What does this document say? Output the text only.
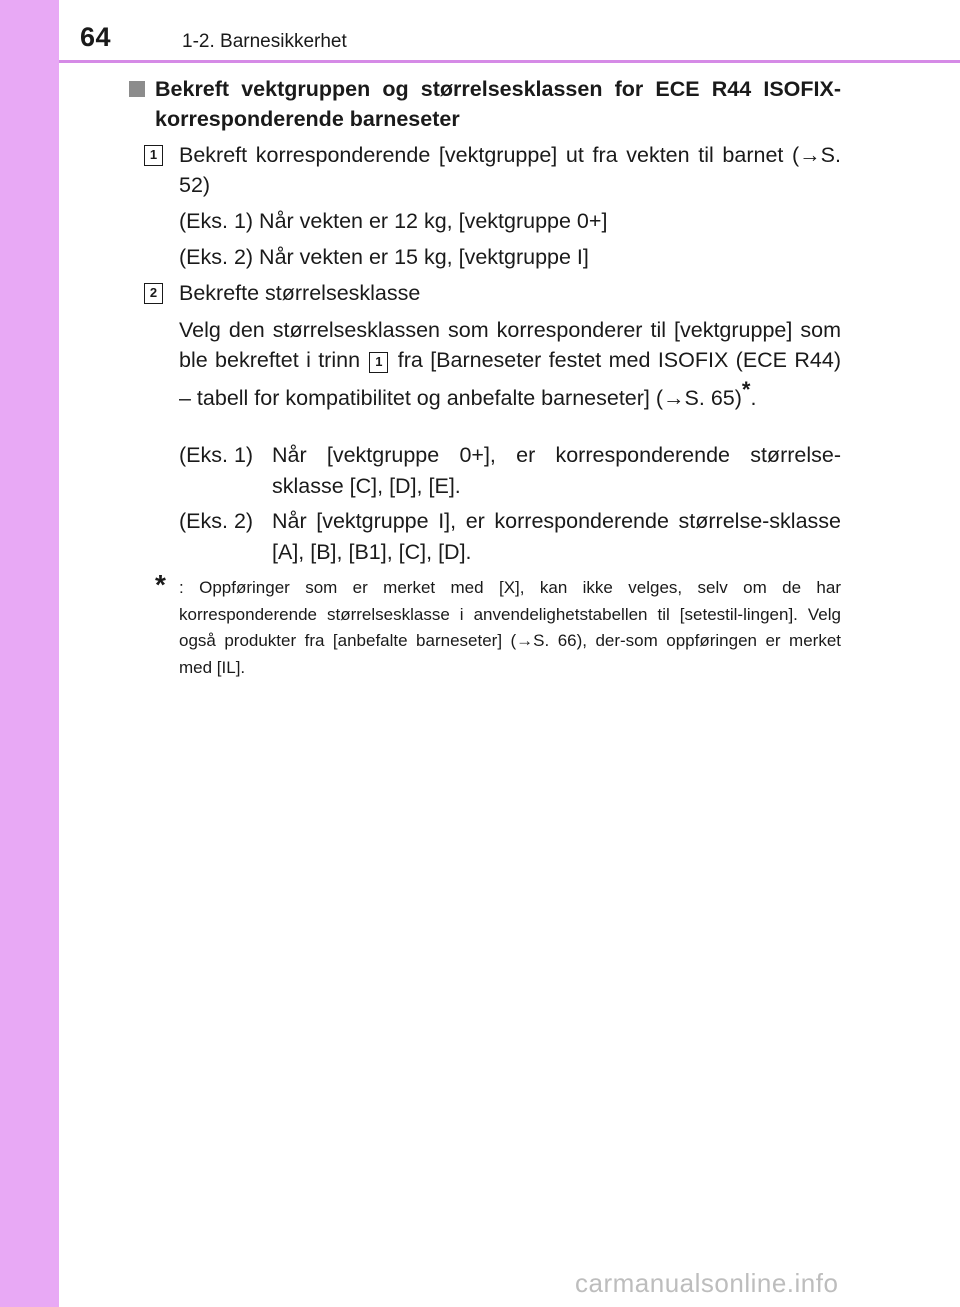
64	1-2. Barnesikkerhet
Bekreft vektgruppen og størrelsesklassen for ECE R44 ISOFIX-korresponderende barneseter
1 Bekreft korresponderende [vektgruppe] ut fra vekten til barnet (→S. 52)
(Eks. 1) Når vekten er 12 kg, [vektgruppe 0+]
(Eks. 2) Når vekten er 15 kg, [vektgruppe I]
2 Bekrefte størrelsesklasse
Velg den størrelsesklassen som korresponderer til [vektgruppe] som ble bekreftet i trinn 1 fra [Barneseter festet med ISOFIX (ECE R44) – tabell for kompatibilitet og anbefalte barneseter] (→S. 65)*.
(Eks. 1) Når [vektgruppe 0+], er korresponderende størrelse-sklasse [C], [D], [E].
(Eks. 2) Når [vektgruppe I], er korresponderende størrelse-sklasse [A], [B], [B1], [C], [D].
* : Oppføringer som er merket med [X], kan ikke velges, selv om de har korresponderende størrelsesklasse i anvendelighetstabellen til [setestil-lingen]. Velg også produkter fra [anbefalte barneseter] (→S. 66), der-som oppføringen er merket med [IL].
carmanualsonline.info
